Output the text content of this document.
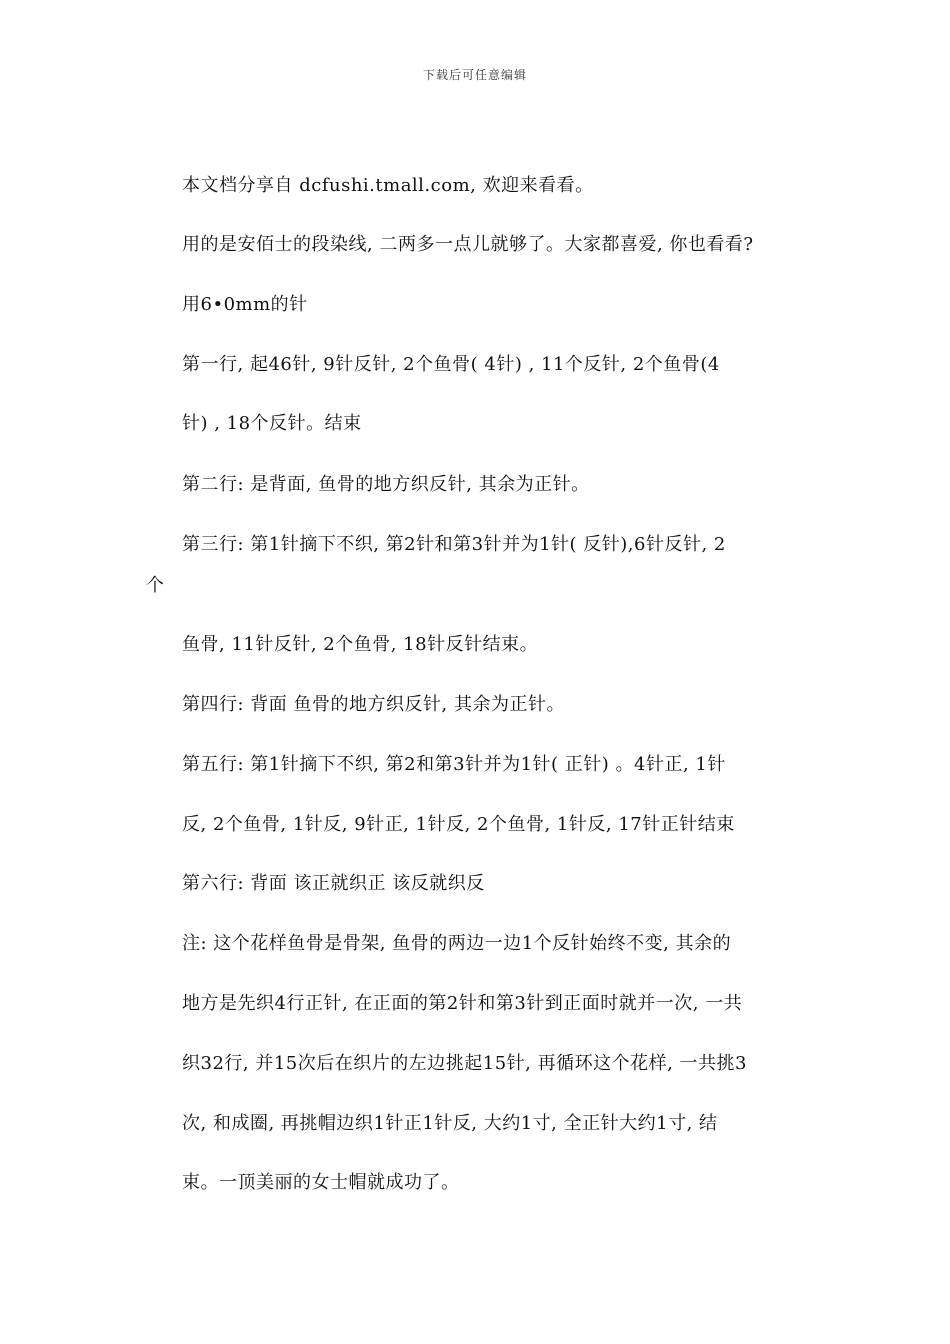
下载后可任意编辑
本文档分享自 dcfushi.tmall.com, 欢迎来看看。
用的是安佰士的段染线, 二两多一点儿就够了。大家都喜爱, 你也看看?
用6•0mm的针
第一行, 起46针, 9针反针, 2个鱼骨( 4针) , 11个反针, 2个鱼骨(4
针) , 18个反针。结束
第二行: 是背面, 鱼骨的地方织反针, 其余为正针。
第三行: 第1针摘下不织, 第2针和第3针并为1针( 反针),6针反针, 2
个
鱼骨, 11针反针, 2个鱼骨, 18针反针结束。
第四行: 背面 鱼骨的地方织反针, 其余为正针。
第五行: 第1针摘下不织, 第2和第3针并为1针( 正针) 。4针正, 1针
反, 2个鱼骨, 1针反, 9针正, 1针反, 2个鱼骨, 1针反, 17针正针结束
第六行: 背面 该正就织正 该反就织反
注: 这个花样鱼骨是骨架, 鱼骨的两边一边1个反针始终不变, 其余的
地方是先织4行正针, 在正面的第2针和第3针到正面时就并一次, 一共
织32行, 并15次后在织片的左边挑起15针, 再循环这个花样, 一共挑3
次, 和成圈, 再挑帽边织1针正1针反, 大约1寸, 全正针大约1寸, 结
束。一顶美丽的女士帽就成功了。
